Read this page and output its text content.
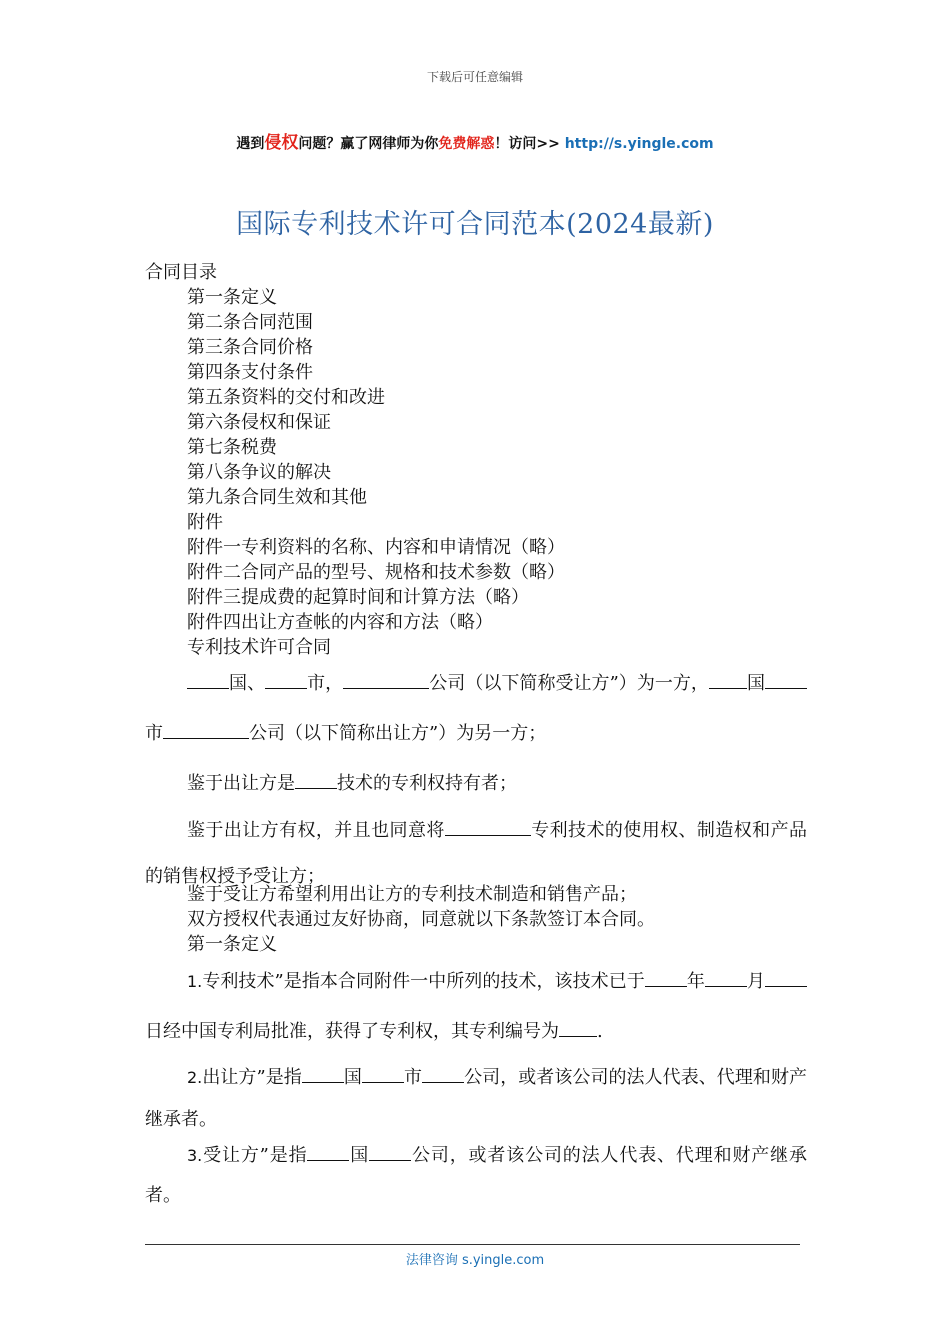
下载后可任意编辑
遇到侵权问题？赢了网律师为你免费解惑！访问>> http://s.yingle.com
国际专利技术许可合同范本(2024最新)
合同目录
第一条定义
第二条合同范围
第三条合同价格
第四条支付条件
第五条资料的交付和改进
第六条侵权和保证
第七条税费
第八条争议的解决
第九条合同生效和其他
附件
附件一专利资料的名称、内容和申请情况（略）
附件二合同产品的型号、规格和技术参数（略）
附件三提成费的起算时间和计算方法（略）
附件四出让方查帐的内容和方法（略）
专利技术许可合同
国、 市，	公司（以下简称受让方”）为一方， 国市	公司（以下简称出让方”）为另一方；
鉴于出让方是 技术的专利权持有者；
鉴于出让方有权，并且也同意将	专利技术的使用权、制造权和产品的销售权授予受让方；
鉴于受让方希望利用出让方的专利技术制造和销售产品；
双方授权代表通过友好协商，同意就以下条款签订本合同。
第一条定义
1.专利技术”是指本合同附件一中所列的技术，该技术已于 年 月日经中国专利局批准，获得了专利权，其专利编号为 .
2.出让方”是指 国 市 公司，或者该公司的法人代表、代理和财产继承者。
3.受让方”是指 国 公司，或者该公司的法人代表、代理和财产继承者。
法律咨询 s.yingle.com
